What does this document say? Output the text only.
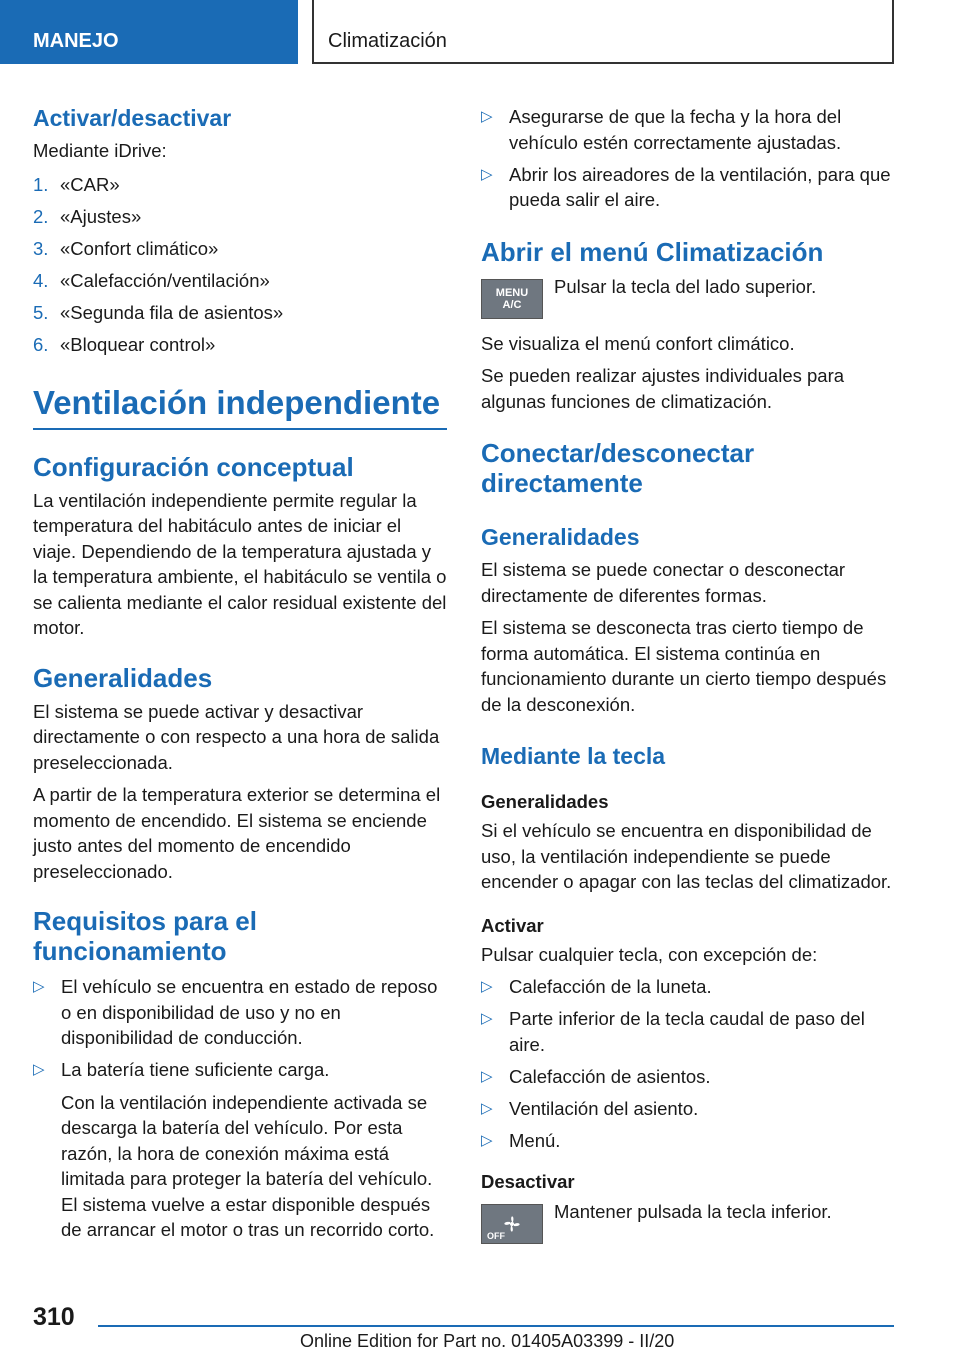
MANEJO	Climatización
Activar/desactivar

Mediante iDrive:

1. «CAR»
2. «Ajustes»
3. «Confort climático»
4. «Calefacción/ventilación»
5. «Segunda fila de asientos»
6. «Bloquear control»
Ventilación independiente
Configuración conceptual

La ventilación independiente permite regular la temperatura del habitáculo antes de iniciar el viaje. Dependiendo de la temperatura ajustada y la temperatura ambiente, el habitáculo se ventila o se calienta mediante el calor residual existente del motor.

Generalidades

El sistema se puede activar y desactivar directamente o con respecto a una hora de salida preseleccionada.

A partir de la temperatura exterior se determina el momento de encendido. El sistema se enciende justo antes del momento de encendido preseleccionado.

Requisitos para el funcionamiento
▷ El vehículo se encuentra en estado de reposo o en disponibilidad de uso y no en disponibilidad de conducción.
▷ La batería tiene suficiente carga.

Con la ventilación independiente activada se descarga la batería del vehículo. Por esta razón, la hora de conexión máxima está limitada para proteger la batería del vehículo. El sistema vuelve a estar disponible después de arrancar el motor o tras un recorrido corto.

▷ Asegurarse de que la fecha y la hora del vehículo estén correctamente ajustadas.
▷ Abrir los aireadores de la ventilación, para que pueda salir el aire.
Abrir el menú Climatización
MENU
A/C

Pulsar la tecla del lado superior.

Se visualiza el menú confort climático.

Se pueden realizar ajustes individuales para algunas funciones de climatización.

Conectar/desconectar directamente
Generalidades

El sistema se puede conectar o desconectar directamente de diferentes formas.

El sistema se desconecta tras cierto tiempo de forma automática. El sistema continúa en funcionamiento durante un cierto tiempo después de la desconexión.

Mediante la tecla
Generalidades

Si el vehículo se encuentra en disponibilidad de uso, la ventilación independiente se puede encender o apagar con las teclas del climatizador.

Activar

Pulsar cualquier tecla, con excepción de:

▷ Calefacción de la luneta.
▷ Parte inferior de la tecla caudal de paso del aire.
▷ Calefacción de asientos.
▷ Ventilación del asiento.
▷ Menú.
Desactivar
OFF

Mantener pulsada la tecla inferior.

310
Online Edition for Part no. 01405A03399 - II/20
